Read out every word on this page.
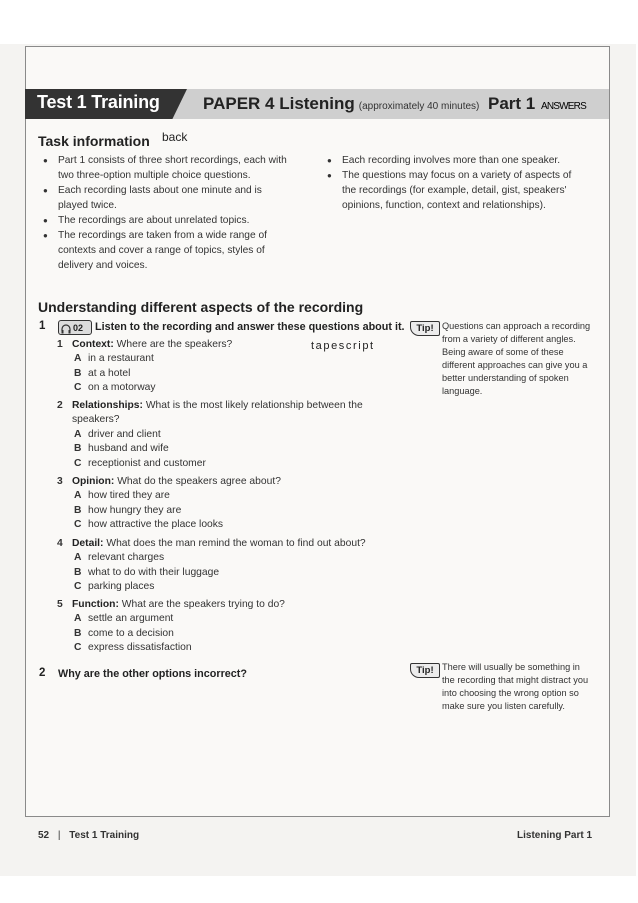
Test 1 Training	PAPER 4 Listening (approximately 40 minutes) Part 1 ANSWERS
Task information back
● Part 1 consists of three short recordings, each with two three-option multiple choice questions.
● Each recording lasts about one minute and is played twice.
● The recordings are about unrelated topics.
● The recordings are taken from a wide range of contexts and cover a range of topics, styles of delivery and voices.
● Each recording involves more than one speaker.
● The questions may focus on a variety of aspects of the recordings (for example, detail, gist, speakers' opinions, function, context and relationships).
Understanding different aspects of the recording
1	02	Listen to the recording and answer these questions about it.
tapescript
1 Context: Where are the speakers?
A in a restaurant
B at a hotel
C on a motorway
2 Relationships: What is the most likely relationship between the speakers?
A driver and client
B husband and wife
C receptionist and customer
3 Opinion: What do the speakers agree about?
A how tired they are
B how hungry they are
C how attractive the place looks
4 Detail: What does the man remind the woman to find out about?
A relevant charges
B what to do with their luggage
C parking places
5 Function: What are the speakers trying to do?
A settle an argument
B come to a decision
C express dissatisfaction
2 Why are the other options incorrect?
Tip! Questions can approach a recording from a variety of different angles. Being aware of some of these different approaches can give you a better understanding of spoken language.
Tip! There will usually be something in the recording that might distract you into choosing the wrong option so make sure you listen carefully.
52 | Test 1 Training	Listening Part 1
